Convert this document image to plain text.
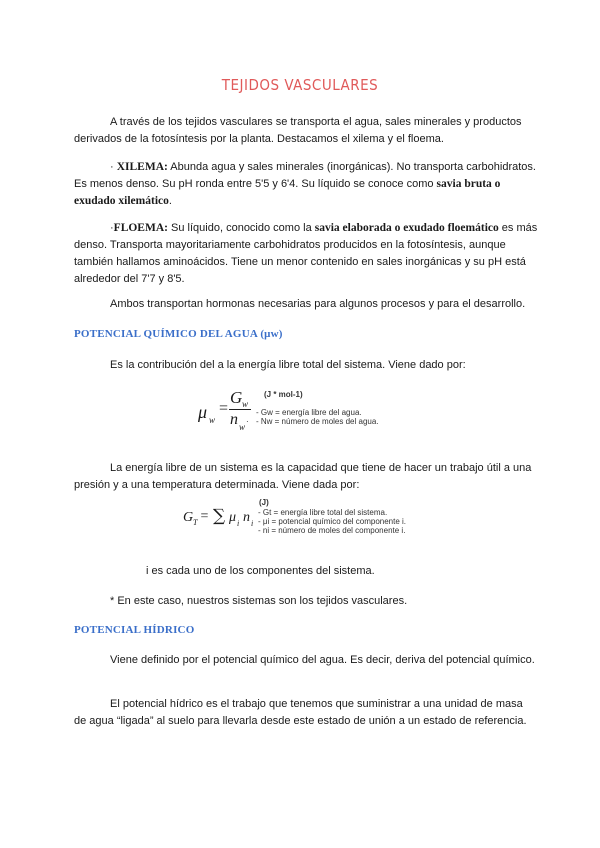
TEJIDOS VASCULARES
A través de los tejidos vasculares se transporta el agua, sales minerales y productos derivados de la fotosíntesis por la planta. Destacamos el xilema y el floema.
· XILEMA: Abunda agua y sales minerales (inorgánicas). No transporta carbohidratos. Es menos denso. Su pH ronda entre 5'5 y 6'4. Su líquido se conoce como savia bruta o exudado xilemático.
·FLOEMA: Su líquido, conocido como la savia elaborada o exudado floemático es más denso. Transporta mayoritariamente carbohidratos producidos en la fotosíntesis, aunque también hallamos aminoácidos. Tiene un menor contenido en sales inorgánicas y su pH está alrededor del 7'7 y 8'5.
Ambos transportan hormonas necesarias para algunos procesos y para el desarrollo.
POTENCIAL QUÍMICO DEL AGUA (μw)
Es la contribución del a la energía libre total del sistema. Viene dado por:
μ w
=
G w
n w
·
(J * mol-1)
- Gw = energía libre del agua.
- Nw = número de moles del agua.
La energía libre de un sistema es la capacidad que tiene de hacer un trabajo útil a una presión y a una temperatura determinada. Viene dada por:
G T = ∑ μ i n i
(J)
- Gt = energía libre total del sistema.
- μi = potencial químico del componente i.
- ni = número de moles del componente i.
i es cada uno de los componentes del sistema.
* En este caso, nuestros sistemas son los tejidos vasculares.
POTENCIAL HÍDRICO
Viene definido por el potencial químico del agua. Es decir, deriva del potencial químico.
El potencial hídrico es el trabajo que tenemos que suministrar a una unidad de masa de agua “ligada” al suelo para llevarla desde este estado de unión a un estado de referencia.
